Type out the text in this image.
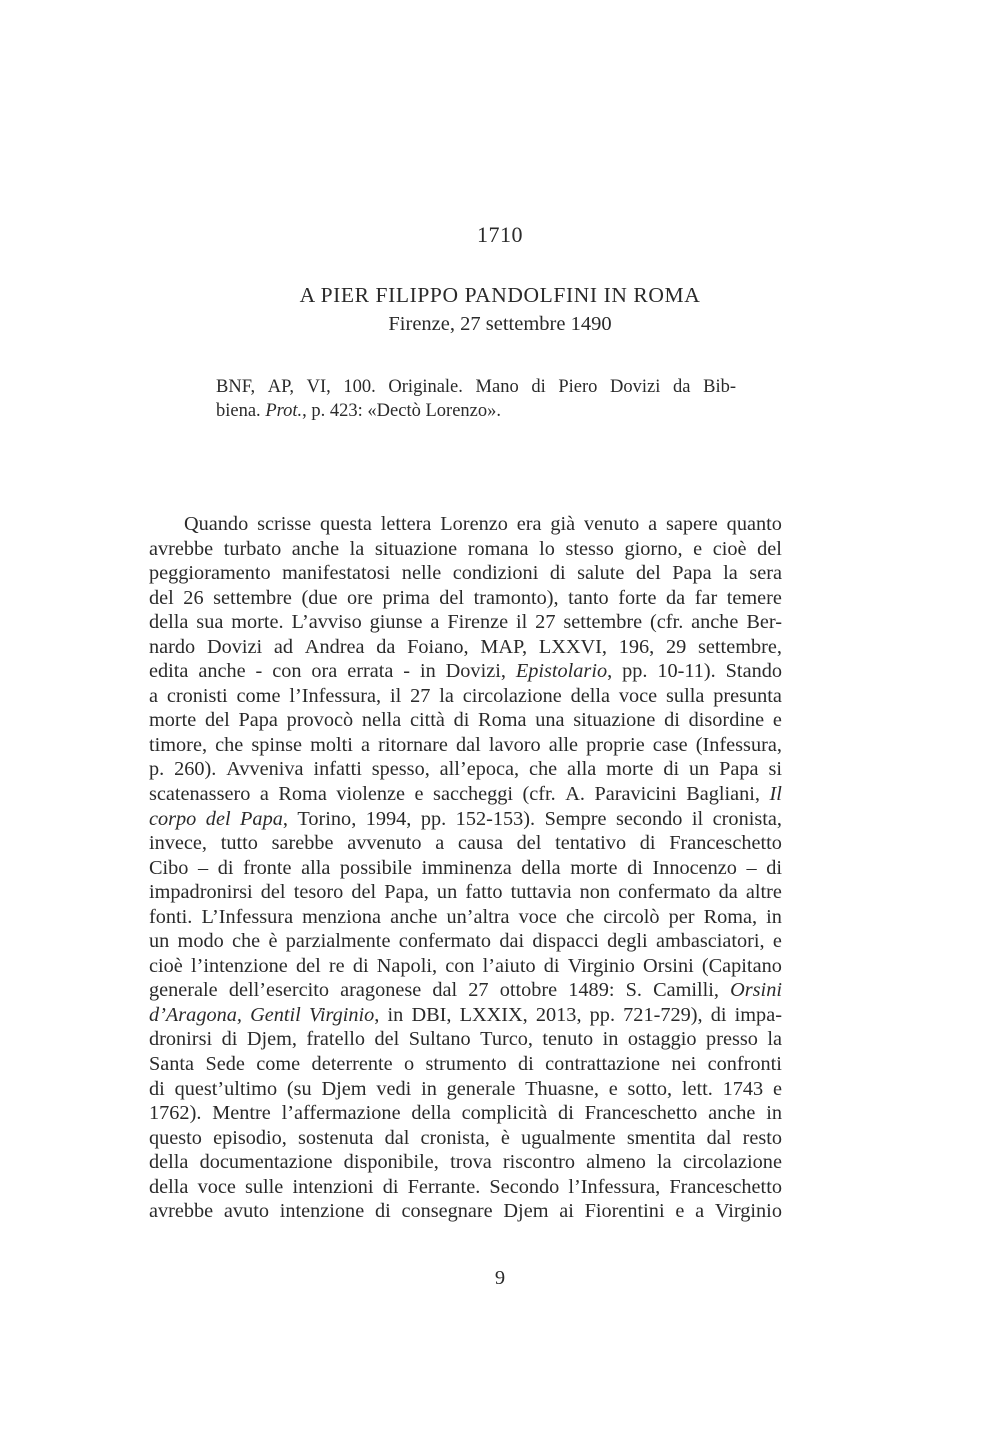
1710
A PIER FILIPPO PANDOLFINI IN ROMA
Firenze, 27 settembre 1490
BNF, AP, VI, 100. Originale. Mano di Piero Dovizi da Bib-
biena. Prot., p. 423: «Dectò Lorenzo».
Quando scrisse questa lettera Lorenzo era già venuto a sapere quanto
avrebbe turbato anche la situazione romana lo stesso giorno, e cioè del
peggioramento manifestatosi nelle condizioni di salute del Papa la sera
del 26 settembre (due ore prima del tramonto), tanto forte da far temere
della sua morte. L’avviso giunse a Firenze il 27 settembre (cfr. anche Ber-
nardo Dovizi ad Andrea da Foiano, MAP, LXXVI, 196, 29 settembre,
edita anche - con ora errata - in Dovizi, Epistolario, pp. 10-11). Stando
a cronisti come l’Infessura, il 27 la circolazione della voce sulla presunta
morte del Papa provocò nella città di Roma una situazione di disordine e
timore, che spinse molti a ritornare dal lavoro alle proprie case (Infessura,
p. 260). Avveniva infatti spesso, all’epoca, che alla morte di un Papa si
scatenassero a Roma violenze e saccheggi (cfr. A. Paravicini Bagliani, Il
corpo del Papa, Torino, 1994, pp. 152-153). Sempre secondo il cronista,
invece, tutto sarebbe avvenuto a causa del tentativo di Franceschetto
Cibo – di fronte alla possibile imminenza della morte di Innocenzo – di
impadronirsi del tesoro del Papa, un fatto tuttavia non confermato da altre
fonti. L’Infessura menziona anche un’altra voce che circolò per Roma, in
un modo che è parzialmente confermato dai dispacci degli ambasciatori, e
cioè l’intenzione del re di Napoli, con l’aiuto di Virginio Orsini (Capitano
generale dell’esercito aragonese dal 27 ottobre 1489: S. Camilli, Orsini
d’Aragona, Gentil Virginio, in DBI, LXXIX, 2013, pp. 721-729), di impa-
dronirsi di Djem, fratello del Sultano Turco, tenuto in ostaggio presso la
Santa Sede come deterrente o strumento di contrattazione nei confronti
di quest’ultimo (su Djem vedi in generale Thuasne, e sotto, lett. 1743 e
1762). Mentre l’affermazione della complicità di Franceschetto anche in
questo episodio, sostenuta dal cronista, è ugualmente smentita dal resto
della documentazione disponibile, trova riscontro almeno la circolazione
della voce sulle intenzioni di Ferrante. Secondo l’Infessura, Franceschetto
avrebbe avuto intenzione di consegnare Djem ai Fiorentini e a Virginio
9
